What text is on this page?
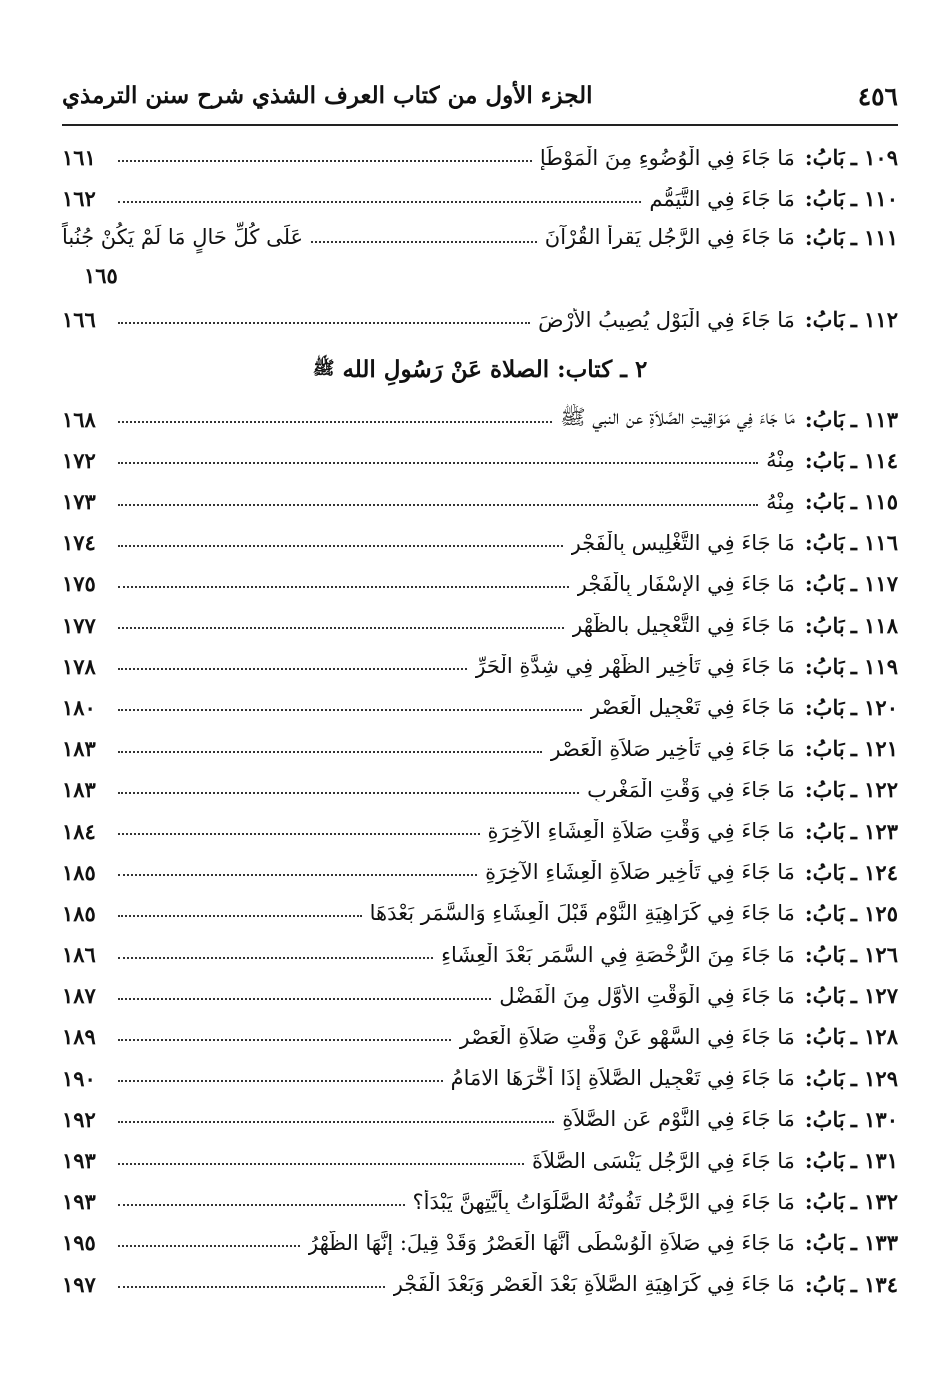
٤٥٦
الجزء الأول من كتاب العرف الشذي شرح سنن الترمذي
١٠٩ ـ
بَابُ:
مَا جَاءَ فِي الْوُضُوءِ مِنَ الْمَوْطَإِ
١٦١
١١٠ ـ
بَابُ:
مَا جَاءَ فِي التَّيَمُّمِ
١٦٢
١١١ ـ
بَابُ:
مَا جَاءَ فِي الرَّجُلِ يَقرأُ القُرْآنَ
عَلَى كُلِّ حَالٍ مَا لَمْ يَكُنْ جُنُباً
١٦٥
١١٢ ـ
بَابُ:
مَا جَاءَ فِي الْبَوْلِ يُصِيبُ الأَرْضَ
١٦٦
٢ ـ كتاب: الصلاة عَنْ رَسُولِ الله
ﷺ
١١٣ ـ
بَابُ:
مَا جَاءَ فِي مَوَاقِيتِ الصَّلاَةِ عن النبي ﷺ
١٦٨
١١٤ ـ
بَابُ:
مِنْهُ
١٧٢
١١٥ ـ
بَابُ:
مِنْهُ
١٧٣
١١٦ ـ
بَابُ:
مَا جَاءَ فِي التَّغْلِيسِ بِالْفَجْرِ
١٧٤
١١٧ ـ
بَابُ:
مَا جَاءَ فِي الإِسْفَارِ بِالْفَجْرِ
١٧٥
١١٨ ـ
بَابُ:
مَا جَاءَ فِي التَّعْجِيلِ بالظُّهْرِ
١٧٧
١١٩ ـ
بَابُ:
مَا جَاءَ فِي تَأْخِيرِ الظُّهْرِ فِي شِدَّةِ الْحَرِّ
١٧٨
١٢٠ ـ
بَابُ:
مَا جَاءَ فِي تَعْجِيلِ الْعَصْرِ
١٨٠
١٢١ ـ
بَابُ:
مَا جَاءَ فِي تَأْخِيرِ صَلاَةِ الْعَصْرِ
١٨٣
١٢٢ ـ
بَابُ:
مَا جَاءَ فِي وَقْتِ الْمَغْرِبِ
١٨٣
١٢٣ ـ
بَابُ:
مَا جَاءَ فِي وَقْتِ صَلاَةِ الْعِشَاءِ الآخِرَةِ
١٨٤
١٢٤ ـ
بَابُ:
مَا جَاءَ فِي تَأْخِيرِ صَلاَةِ الْعِشَاءِ الآخِرَةِ
١٨٥
١٢٥ ـ
بَابُ:
مَا جَاءَ فِي كَرَاهِيَةِ النَّوْمِ قَبْلَ الْعِشَاءِ وَالسَّمَرِ بَعْدَهَا
١٨٥
١٢٦ ـ
بَابُ:
مَا جَاءَ مِنَ الرُّخْصَةِ فِي السَّمَرِ بَعْدَ الْعِشَاءِ
١٨٦
١٢٧ ـ
بَابُ:
مَا جَاءَ فِي الْوَقْتِ الأَوَّلِ مِنَ الْفَضْلِ
١٨٧
١٢٨ ـ
بَابُ:
مَا جَاءَ فِي السَّهْوِ عَنْ وَقْتِ صَلاَةِ الْعَصْرِ
١٨٩
١٢٩ ـ
بَابُ:
مَا جَاءَ فِي تَعْجِيلِ الصَّلاَةِ إِذَا أَخَّرَهَا الامَامُ
١٩٠
١٣٠ ـ
بَابُ:
مَا جَاءَ فِي النَّوْمِ عَنِ الصَّلاَةِ
١٩٢
١٣١ ـ
بَابُ:
مَا جَاءَ فِي الرَّجُلِ يَنْسَى الصَّلاَةَ
١٩٣
١٣٢ ـ
بَابُ:
مَا جَاءَ فِي الرَّجُلِ تَفُوتُهُ الصَّلَوَاتُ بِأَيَّتِهِنَّ يَبْدَأُ؟
١٩٣
١٣٣ ـ
بَابُ:
مَا جَاءَ فِي صَلاَةِ الْوُسْطَى أَنَّهَا الْعَصْرُ وَقَدْ قِيلَ: إِنَّهَا الظُّهْرُ
١٩٥
١٣٤ ـ
بَابُ:
مَا جَاءَ فِي كَرَاهِيَةِ الصَّلاَةِ بَعْدَ الْعَصْرِ وَبَعْدَ الْفَجْرِ
١٩٧
